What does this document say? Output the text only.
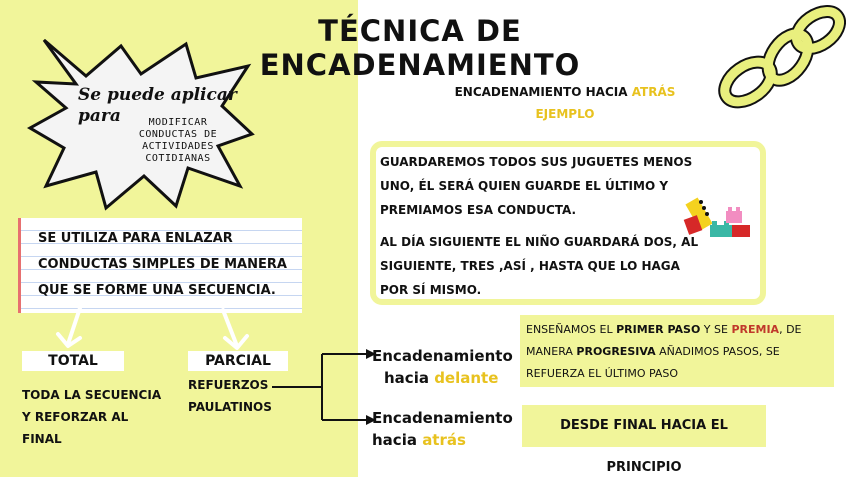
TÉCNICA DE ENCADENAMIENTO
Se puede aplicar para	MODIFICAR CONDUCTAS DE ACTIVIDADES COTIDIANAS
SE UTILIZA PARA ENLAZAR CONDUCTAS SIMPLES DE MANERA QUE SE FORME UNA SECUENCIA.
TOTAL	PARCIAL
TODA LA SECUENCIA Y REFORZAR AL FINAL
REFUERZOS PAULATINOS
Encadenamiento
hacia delante
Encadenamiento
hacia atrás
ENCADENAMIENTO HACIA ATRÁS
EJEMPLO
GUARDAREMOS TODOS SUS JUGUETES MENOS UNO, ÉL SERÁ QUIEN GUARDE EL ÚLTIMO Y PREMIAMOS ESA CONDUCTA.
AL DÍA SIGUIENTE EL NIÑO GUARDARÁ DOS, AL SIGUIENTE, TRES ,ASÍ , HASTA QUE LO HAGA POR SÍ MISMO.
ENSEÑAMOS EL PRIMER PASO Y SE PREMIA, DE MANERA PROGRESIVA AÑADIMOS PASOS, SE REFUERZA EL ÚLTIMO PASO
DESDE FINAL HACIA EL PRINCIPIO
